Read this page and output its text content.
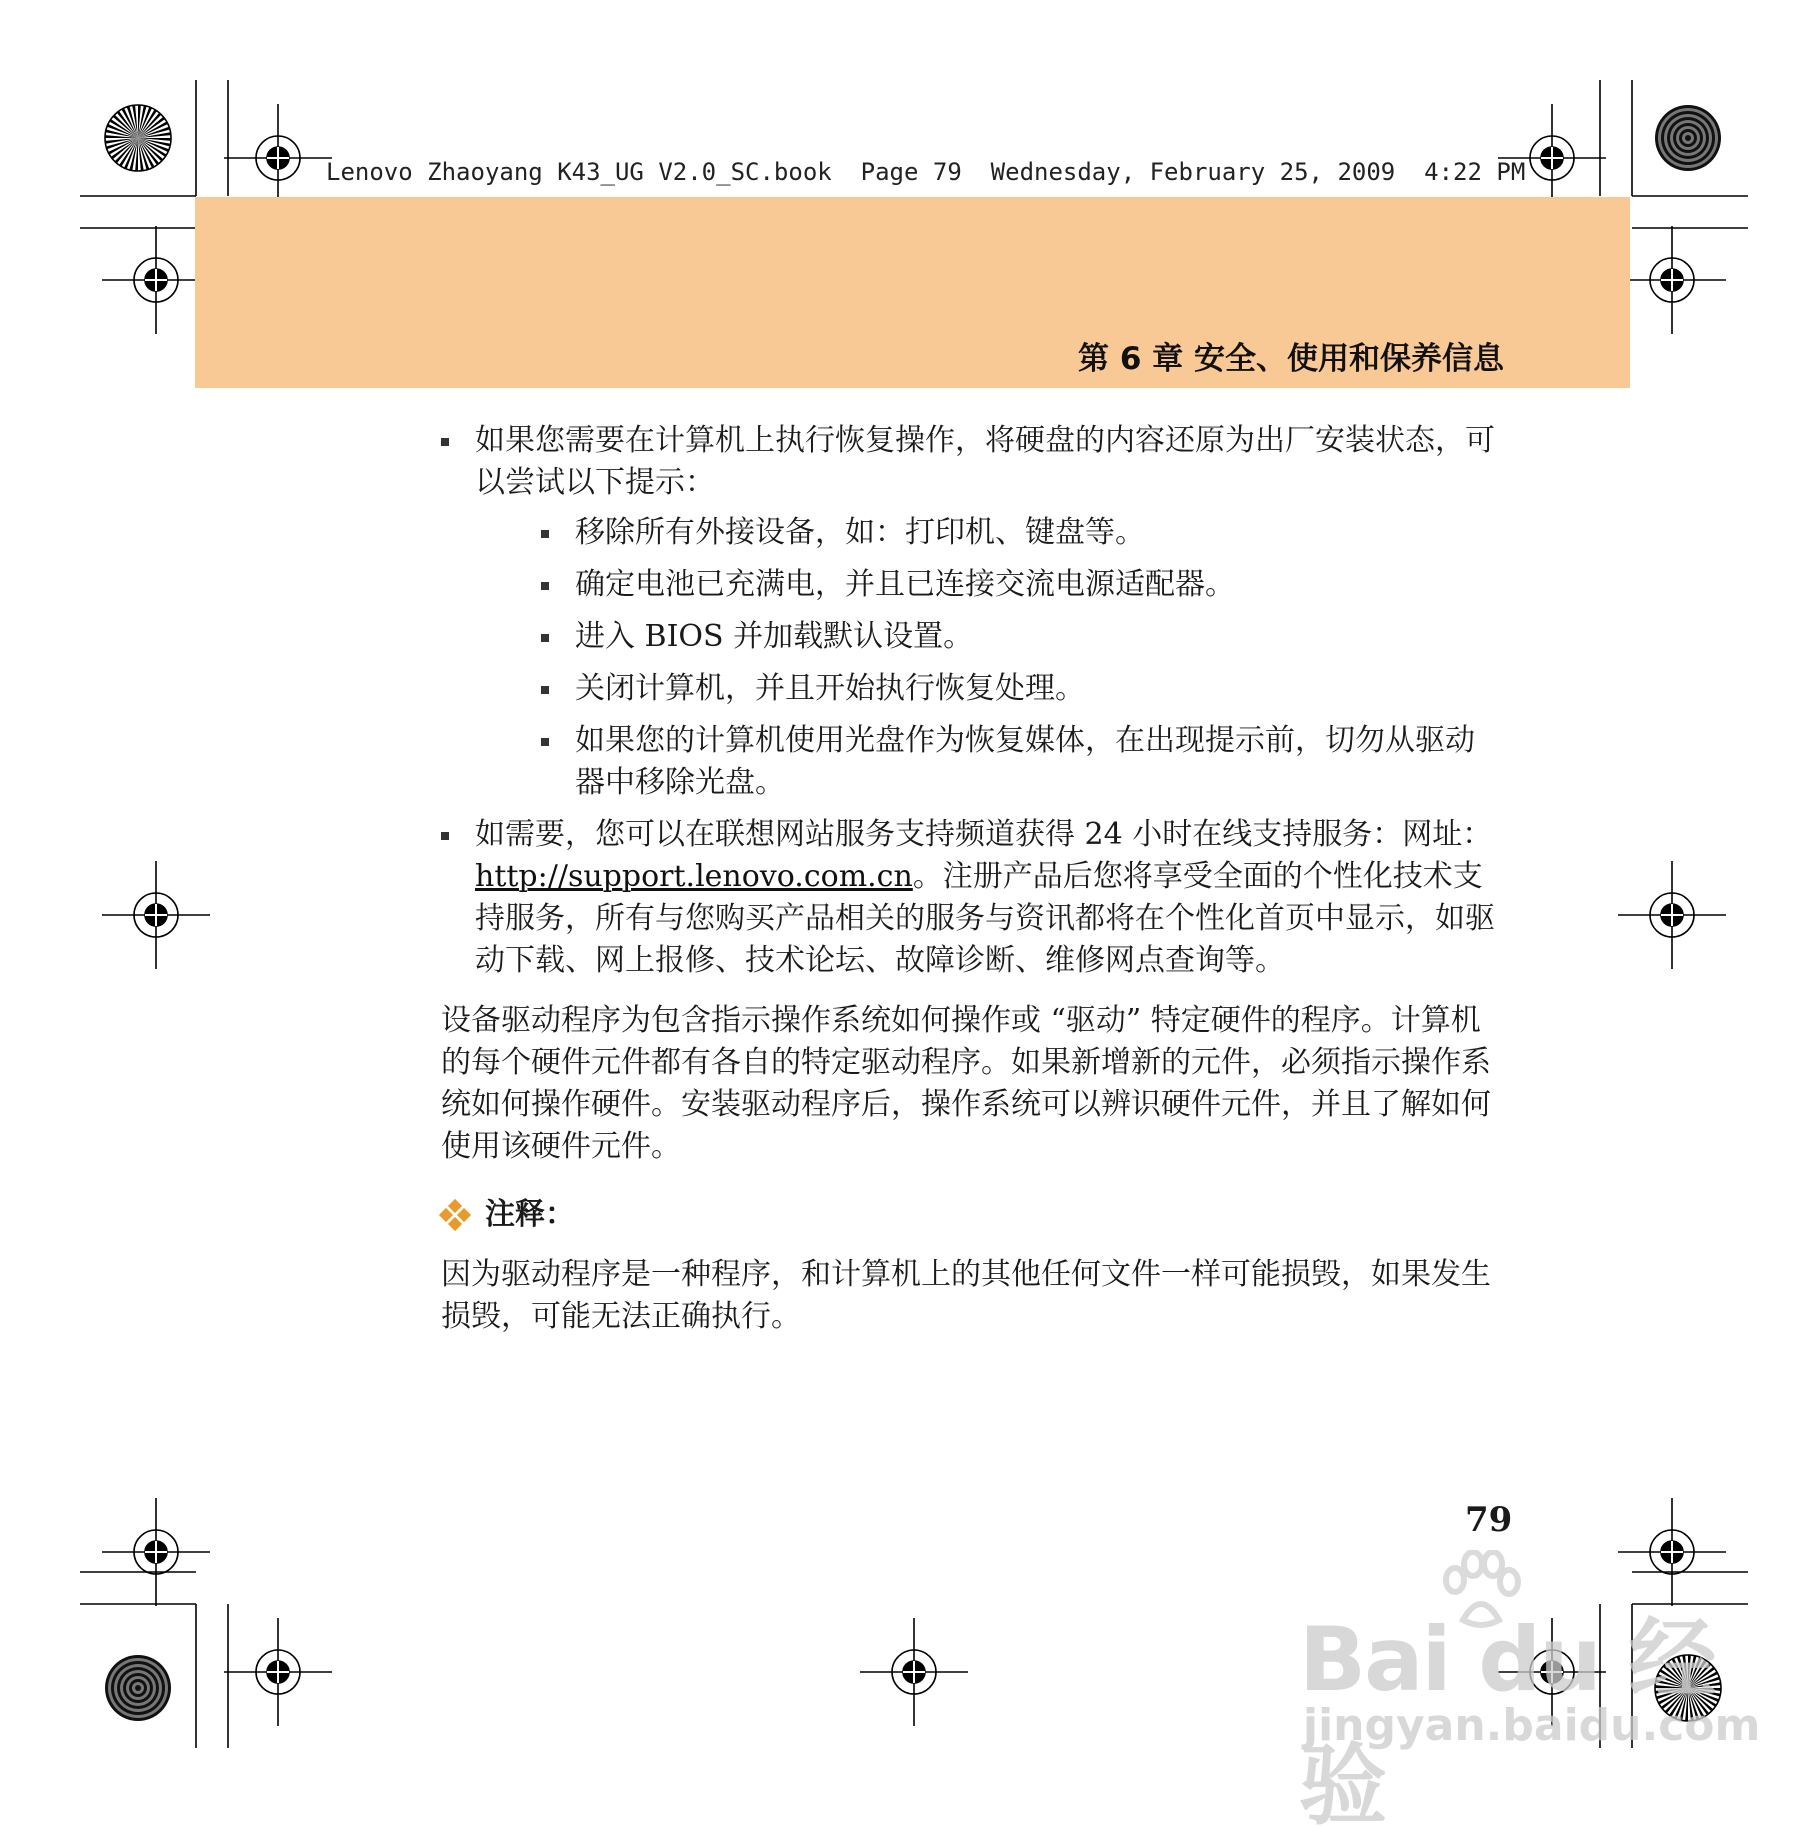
Lenovo Zhaoyang K43_UG V2.0_SC.book  Page 79  Wednesday, February 25, 2009  4:22 PM
第 6 章 安全、使用和保养信息
如果您需要在计算机上执行恢复操作，将硬盘的内容还原为出厂安装状态，可以尝试以下提示：
移除所有外接设备，如：打印机、键盘等。
确定电池已充满电，并且已连接交流电源适配器。
进入 BIOS 并加载默认设置。
关闭计算机，并且开始执行恢复处理。
如果您的计算机使用光盘作为恢复媒体，在出现提示前，切勿从驱动器中移除光盘。
如需要，您可以在联想网站服务支持频道获得 24 小时在线支持服务：网址：http://support.lenovo.com.cn。注册产品后您将享受全面的个性化技术支持服务，所有与您购买产品相关的服务与资讯都将在个性化首页中显示，如驱动下载、网上报修、技术论坛、故障诊断、维修网点查询等。
设备驱动程序为包含指示操作系统如何操作或 “驱动” 特定硬件的程序。计算机的每个硬件元件都有各自的特定驱动程序。如果新增新的元件，必须指示操作系统如何操作硬件。安装驱动程序后，操作系统可以辨识硬件元件，并且了解如何使用该硬件元件。
注释：
因为驱动程序是一种程序，和计算机上的其他任何文件一样可能损毁，如果发生损毁，可能无法正确执行。
79
Bai du 经验
jingyan.baidu.com
